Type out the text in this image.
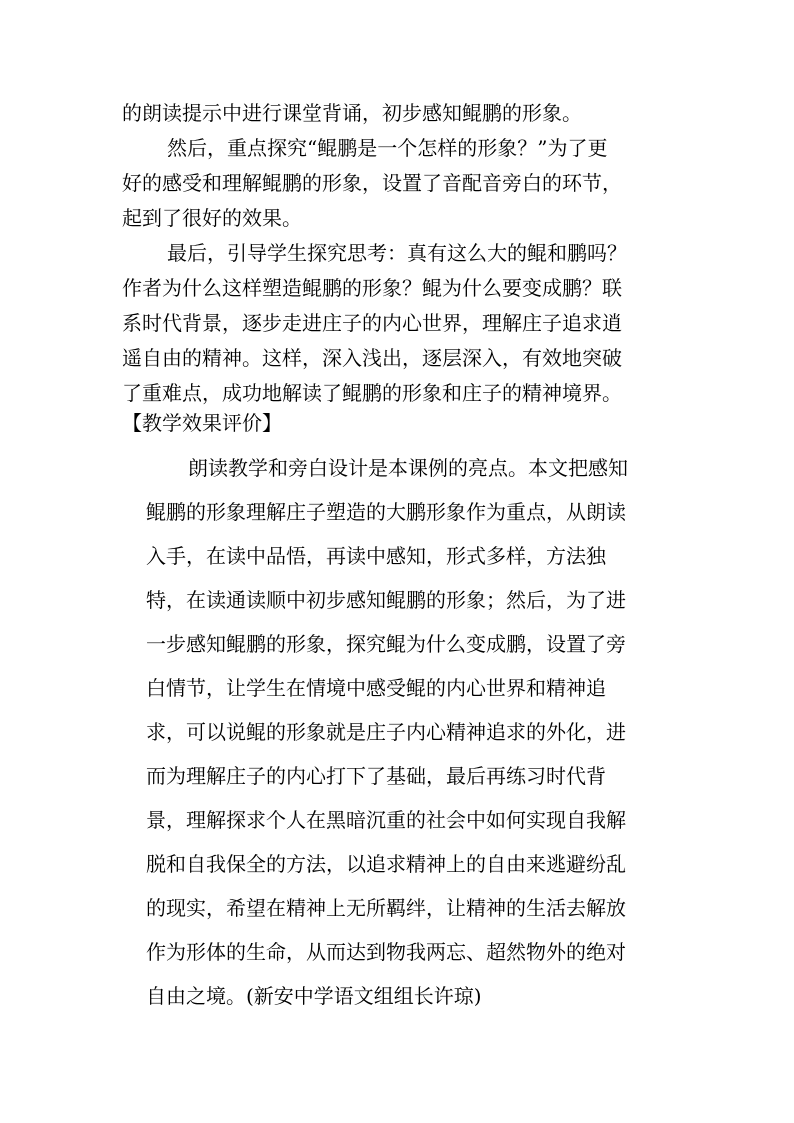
的朗读提示中进行课堂背诵，初步感知鲲鹏的形象。
然后，重点探究“鲲鹏是一个怎样的形象？”为了更
好的感受和理解鲲鹏的形象，设置了音配音旁白的环节，
起到了很好的效果。
最后，引导学生探究思考：真有这么大的鲲和鹏吗？
作者为什么这样塑造鲲鹏的形象？鲲为什么要变成鹏？联
系时代背景，逐步走进庄子的内心世界，理解庄子追求逍
遥自由的精神。这样，深入浅出，逐层深入，有效地突破
了重难点，成功地解读了鲲鹏的形象和庄子的精神境界。
【教学效果评价】
朗读教学和旁白设计是本课例的亮点。本文把感知
鲲鹏的形象理解庄子塑造的大鹏形象作为重点，从朗读
入手，在读中品悟，再读中感知，形式多样，方法独
特，在读通读顺中初步感知鲲鹏的形象；然后，为了进
一步感知鲲鹏的形象，探究鲲为什么变成鹏，设置了旁
白情节，让学生在情境中感受鲲的内心世界和精神追
求，可以说鲲的形象就是庄子内心精神追求的外化，进
而为理解庄子的内心打下了基础，最后再练习时代背
景，理解探求个人在黑暗沉重的社会中如何实现自我解
脱和自我保全的方法，以追求精神上的自由来逃避纷乱
的现实，希望在精神上无所羁绊，让精神的生活去解放
作为形体的生命，从而达到物我两忘、超然物外的绝对
自由之境。(新安中学语文组组长许琼)
